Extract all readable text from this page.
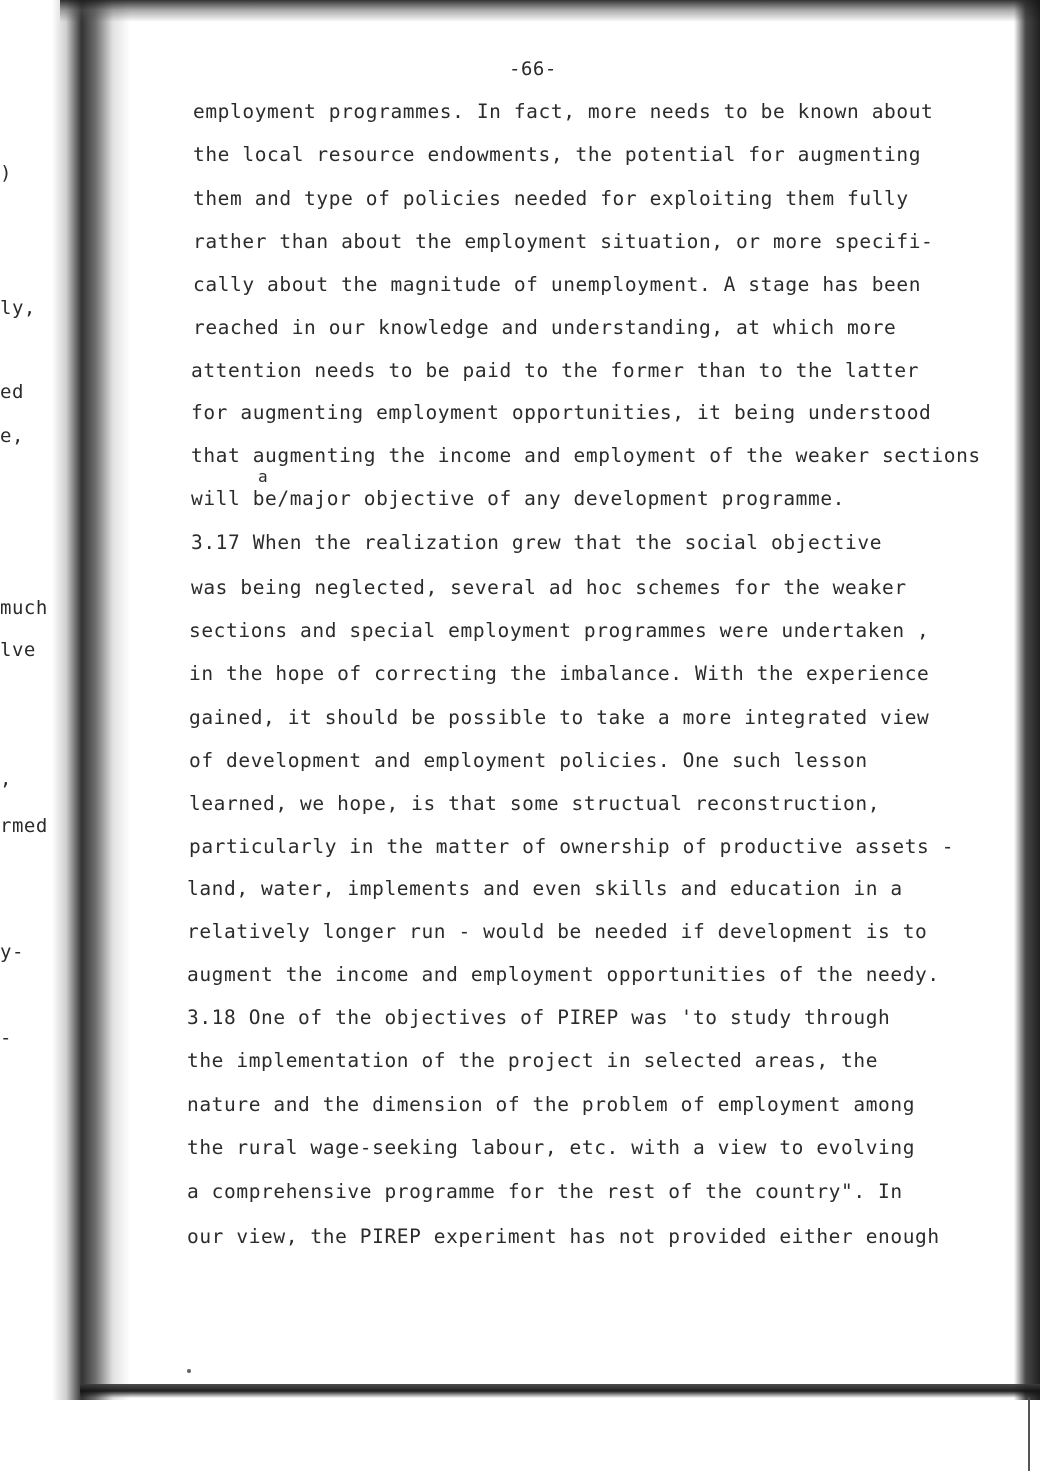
)
ly,
ed
e,
much
lve
,
rmed
y-
-
-66-
employment programmes. In fact, more needs to be known about
the local resource endowments, the potential for augmenting
them and type of policies needed for exploiting them fully
rather than about the employment situation, or more specifi-
cally about the magnitude of unemployment. A stage has been
reached in our knowledge and understanding, at which more
attention needs to be paid to the former than to the latter
for augmenting employment opportunities, it being understood
that augmenting the income and employment of the weaker sections
a
will be/major objective of any development programme.
3.17 When the realization grew that the social objective
was being neglected, several ad hoc schemes for the weaker
sections and special employment programmes were undertaken ,
in the hope of correcting the imbalance. With the experience
gained, it should be possible to take a more integrated view
of development and employment policies. One such lesson
learned, we hope, is that some structual reconstruction,
particularly in the matter of ownership of productive assets -
land, water, implements and even skills and education in a
relatively longer run - would be needed if development is to
augment the income and employment opportunities of the needy.
3.18 One of the objectives of PIREP was 'to study through
the implementation of the project in selected areas, the
nature and the dimension of the problem of employment among
the rural wage-seeking labour, etc. with a view to evolving
a comprehensive programme for the rest of the country". In
our view, the PIREP experiment has not provided either enough
